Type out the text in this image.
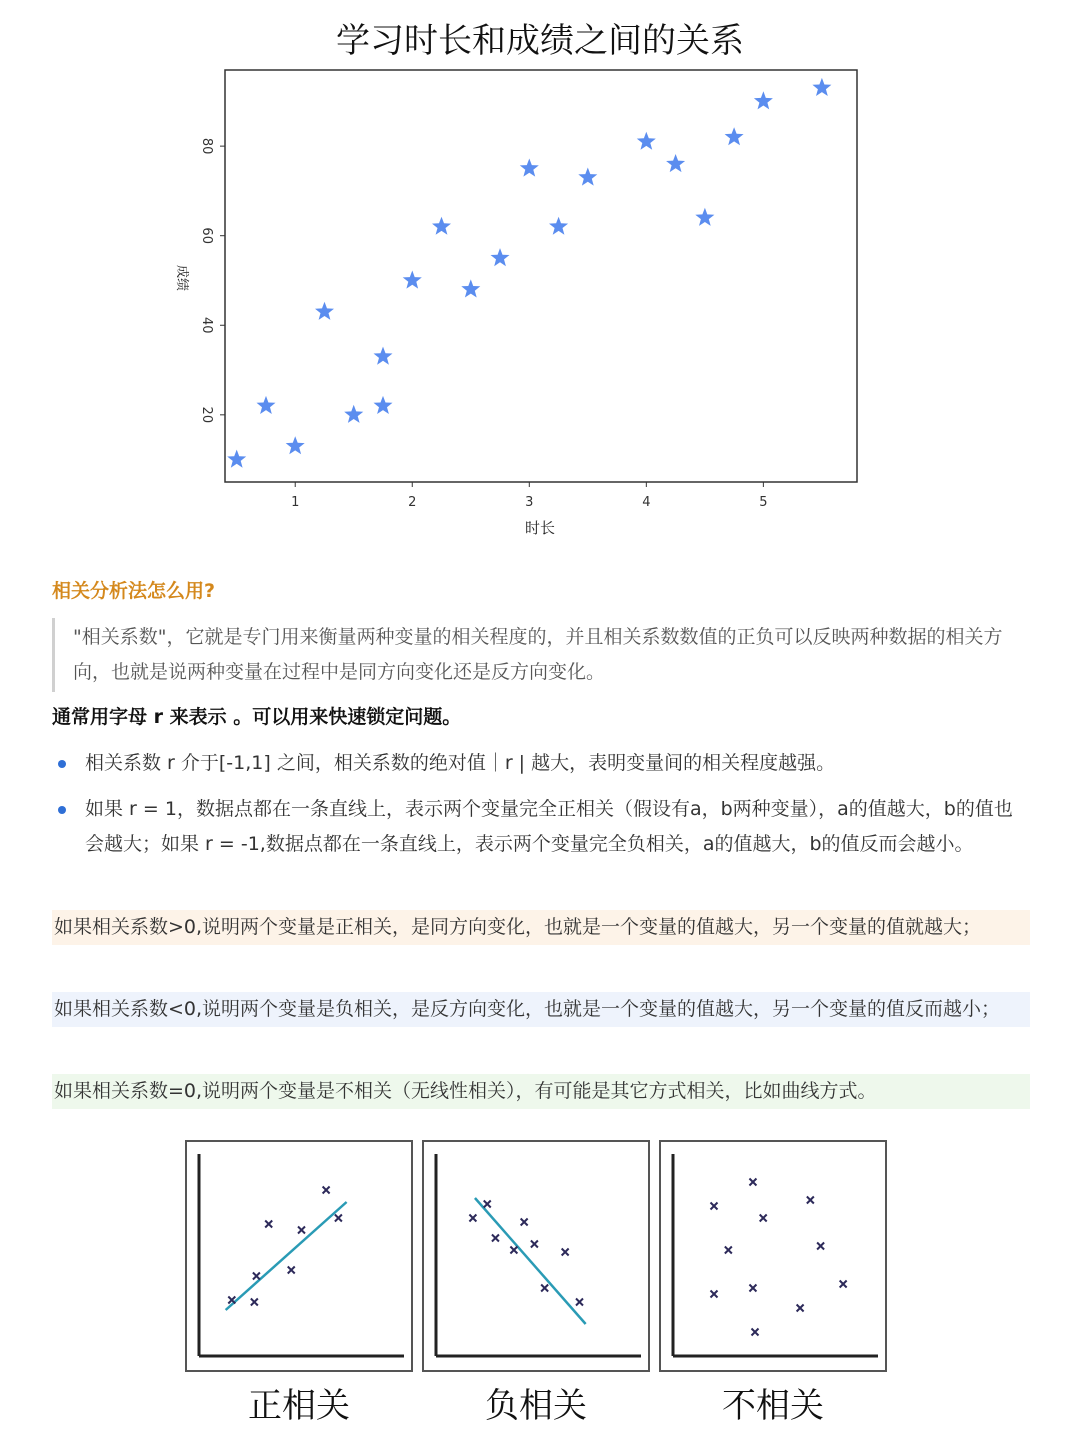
学习时长和成绩之间的关系
1	2	3	4	5
20
40
60
80
时长
成绩
相关分析法怎么用?
"相关系数"，它就是专门用来衡量两种变量的相关程度的，并且相关系数数值的正负可以反映两种数据的相关方向，也就是说两种变量在过程中是同方向变化还是反方向变化。

通常用字母 r 来表示 。可以用来快速锁定问题。

相关系数 r 介于[-1,1] 之间，相关系数的绝对值｜r | 越大，表明变量间的相关程度越强。
如果 r = 1，数据点都在一条直线上，表示两个变量完全正相关（假设有a，b两种变量），a的值越大，b的值也会越大；如果 r = -1,数据点都在一条直线上，表示两个变量完全负相关，a的值越大，b的值反而会越小。
如果相关系数>0,说明两个变量是正相关，是同方向变化，也就是一个变量的值越大，另一个变量的值就越大；
如果相关系数<0,说明两个变量是负相关，是反方向变化，也就是一个变量的值越大，另一个变量的值反而越小；
如果相关系数=0,说明两个变量是不相关（无线性相关），有可能是其它方式相关，比如曲线方式。
正相关	负相关	不相关
